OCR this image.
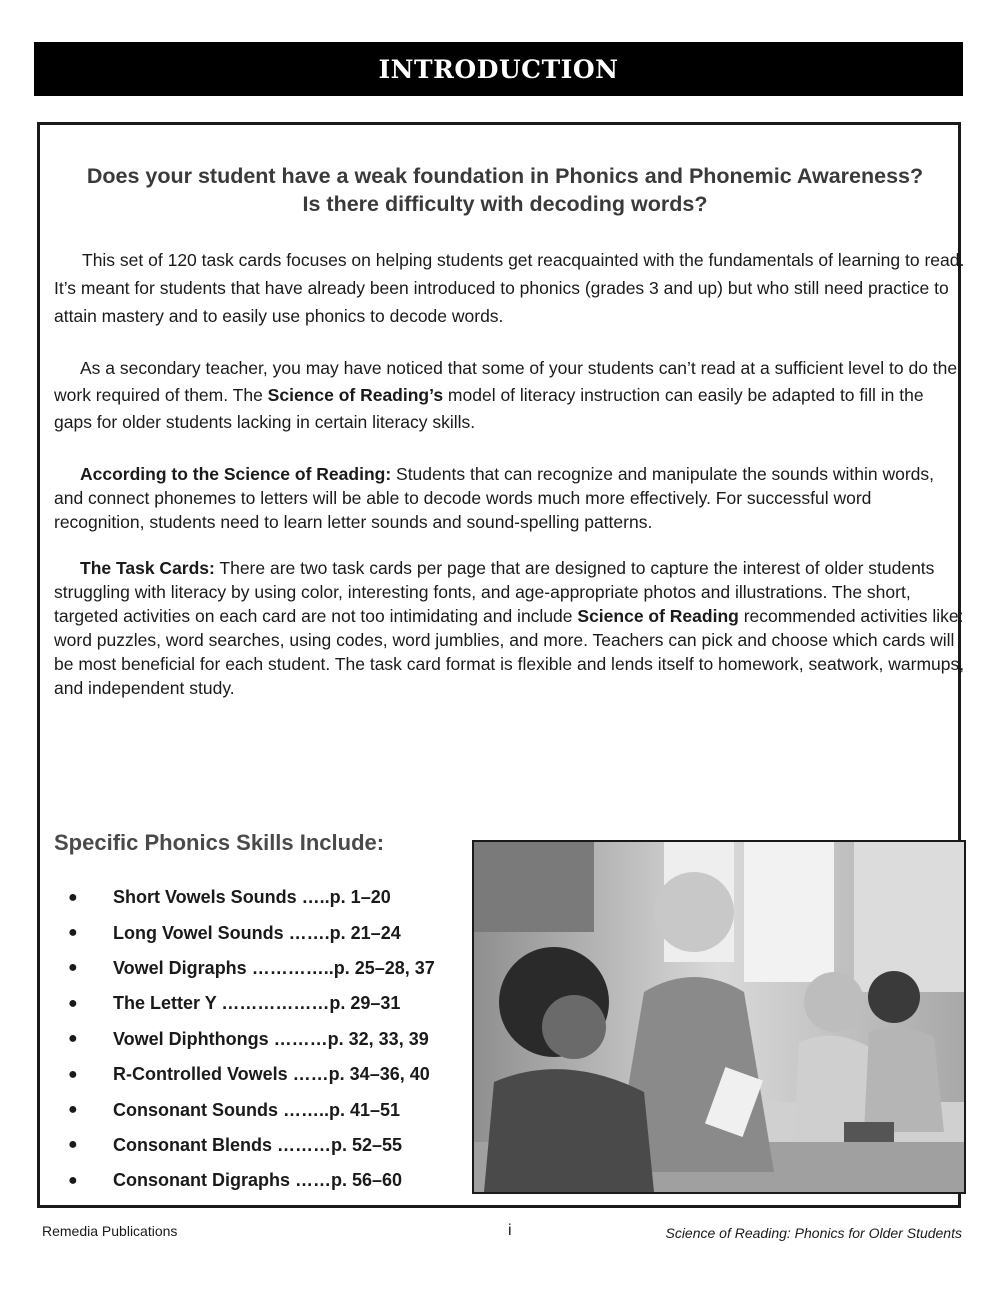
INTRODUCTION
Does your student have a weak foundation in Phonics and Phonemic Awareness?
Is there difficulty with decoding words?
This set of 120 task cards focuses on helping students get reacquainted with the fundamentals of learning to read. It’s meant for students that have already been introduced to phonics (grades 3 and up) but who still need practice to attain mastery and to easily use phonics to decode words.
As a secondary teacher, you may have noticed that some of your students can’t read at a sufficient level to do the work required of them. The Science of Reading’s model of literacy instruction can easily be adapted to fill in the gaps for older students lacking in certain literacy skills.
According to the Science of Reading: Students that can recognize and manipulate the sounds within words, and connect phonemes to letters will be able to decode words much more effectively. For successful word recognition, students need to learn letter sounds and sound-spelling patterns.
The Task Cards: There are two task cards per page that are designed to capture the interest of older students struggling with literacy by using color, interesting fonts, and age-appropriate photos and illustrations. The short, targeted activities on each card are not too intimidating and include Science of Reading recommended activities like: word puzzles, word searches, using codes, word jumblies, and more. Teachers can pick and choose which cards will be most beneficial for each student. The task card format is flexible and lends itself to homework, seatwork, warmups, and independent study.
Specific Phonics Skills Include:
●	Short Vowels Sounds …..p. 1–20
●	Long Vowel Sounds …….p. 21–24
●	Vowel Digraphs …………..p. 25–28, 37
●	The Letter Y ………………p. 29–31
●	Vowel Diphthongs ………p. 32, 33, 39
●	R-Controlled Vowels ……p. 34–36, 40
●	Consonant Sounds ……..p. 41–51
●	Consonant Blends ………p. 52–55
●	Consonant Digraphs ……p. 56–60
Remedia Publications	i	Science of Reading: Phonics for Older Students
